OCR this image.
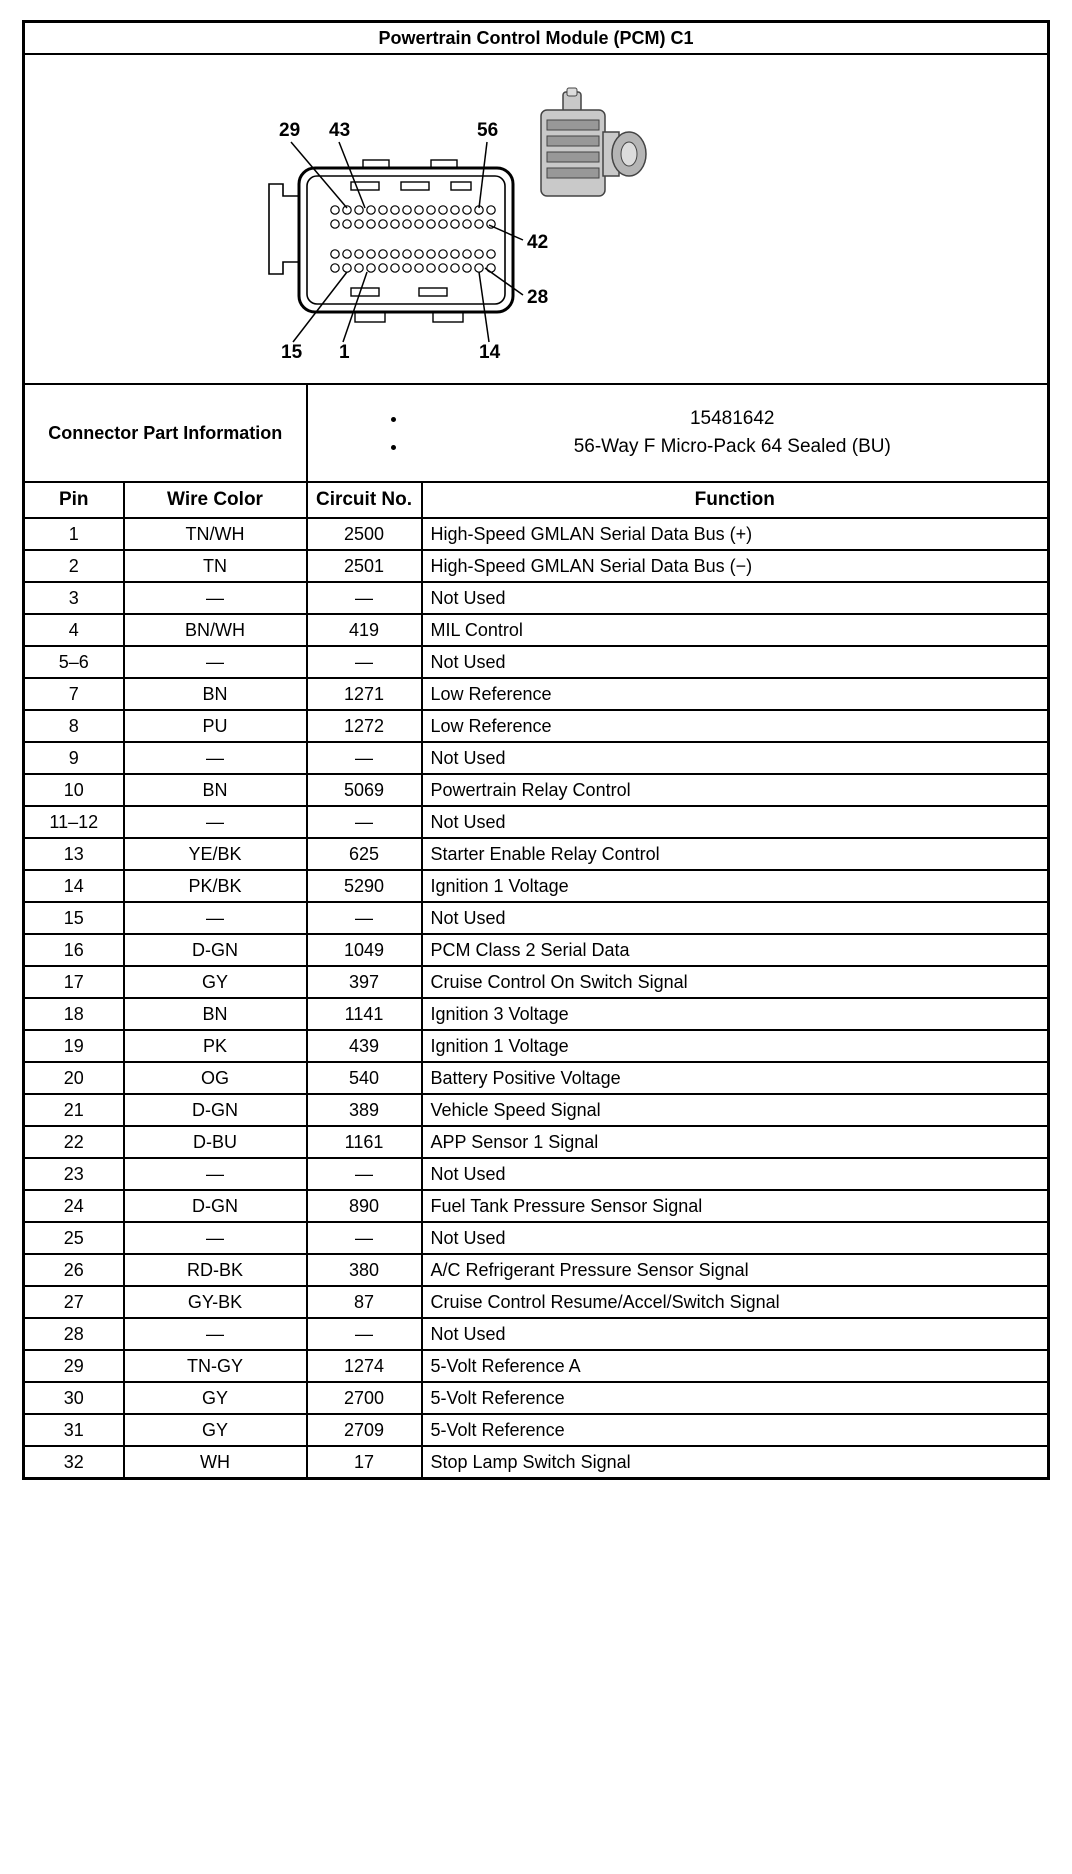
Powertrain Control Module (PCM) C1			

29 43	56
42
28
15 1	14

Connector Part Information	
• 15481642
• 56-Way F Micro-Pack 64 Sealed (BU)

Pin	Wire Color	Circuit No.	Function
1	TN/WH	2500	High-Speed GMLAN Serial Data Bus (+)
2	TN	2501	High-Speed GMLAN Serial Data Bus (−)
3	—	—	Not Used
4	BN/WH	419	MIL Control
5–6	—	—	Not Used
7	BN	1271	Low Reference
8	PU	1272	Low Reference
9	—	—	Not Used
10	BN	5069	Powertrain Relay Control
11–12	—	—	Not Used
13	YE/BK	625	Starter Enable Relay Control
14	PK/BK	5290	Ignition 1 Voltage
15	—	—	Not Used
16	D-GN	1049	PCM Class 2 Serial Data
17	GY	397	Cruise Control On Switch Signal
18	BN	1141	Ignition 3 Voltage
19	PK	439	Ignition 1 Voltage
20	OG	540	Battery Positive Voltage
21	D-GN	389	Vehicle Speed Signal
22	D-BU	1161	APP Sensor 1 Signal
23	—	—	Not Used
24	D-GN	890	Fuel Tank Pressure Sensor Signal
25	—	—	Not Used
26	RD-BK	380	A/C Refrigerant Pressure Sensor Signal
27	GY-BK	87	Cruise Control Resume/Accel/Switch Signal
28	—	—	Not Used
29	TN-GY	1274	5-Volt Reference A
30	GY	2700	5-Volt Reference
31	GY	2709	5-Volt Reference
32	WH	17	Stop Lamp Switch Signal
